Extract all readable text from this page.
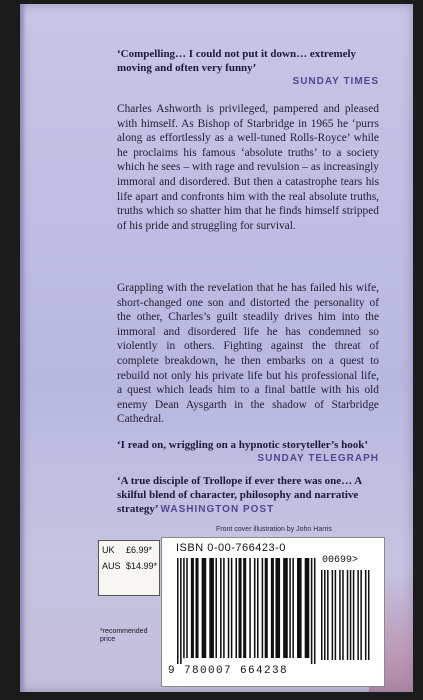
‘Compelling… I could not put it down… extremely moving and often very funny’
SUNDAY TIMES

Charles Ashworth is privileged, pampered and pleased with himself. As Bishop of Starbridge in 1965 he ‘purrs along as effortlessly as a well-tuned Rolls-Royce’ while he proclaims his famous ‘absolute truths’ to a society which he sees – with rage and revulsion – as increasingly immoral and disordered. But then a catastrophe tears his life apart and confronts him with the real absolute truths, truths which so shatter him that he finds himself stripped of his pride and struggling for survival.

Grappling with the revelation that he has failed his wife, short-changed one son and distorted the personality of the other, Charles’s guilt steadily drives him into the immoral and disordered life he has condemned so violently in others. Fighting against the threat of complete breakdown, he then embarks on a quest to rebuild not only his private life but his professional life, a quest which leads him to a final battle with his old enemy Dean Aysgarth in the shadow of Starbridge Cathedral.

‘I read on, wriggling on a hypnotic storyteller’s hook’
SUNDAY TELEGRAPH

‘A true disciple of Trollope if ever there was one… A skilful blend of character, philosophy and narrative strategy’ WASHINGTON POST

Front cover illustration by John Harris

UK £6.99*
AUS $14.99*

*recommended price

ISBN 0-00-766423-0
00699>
9 780007 664238
